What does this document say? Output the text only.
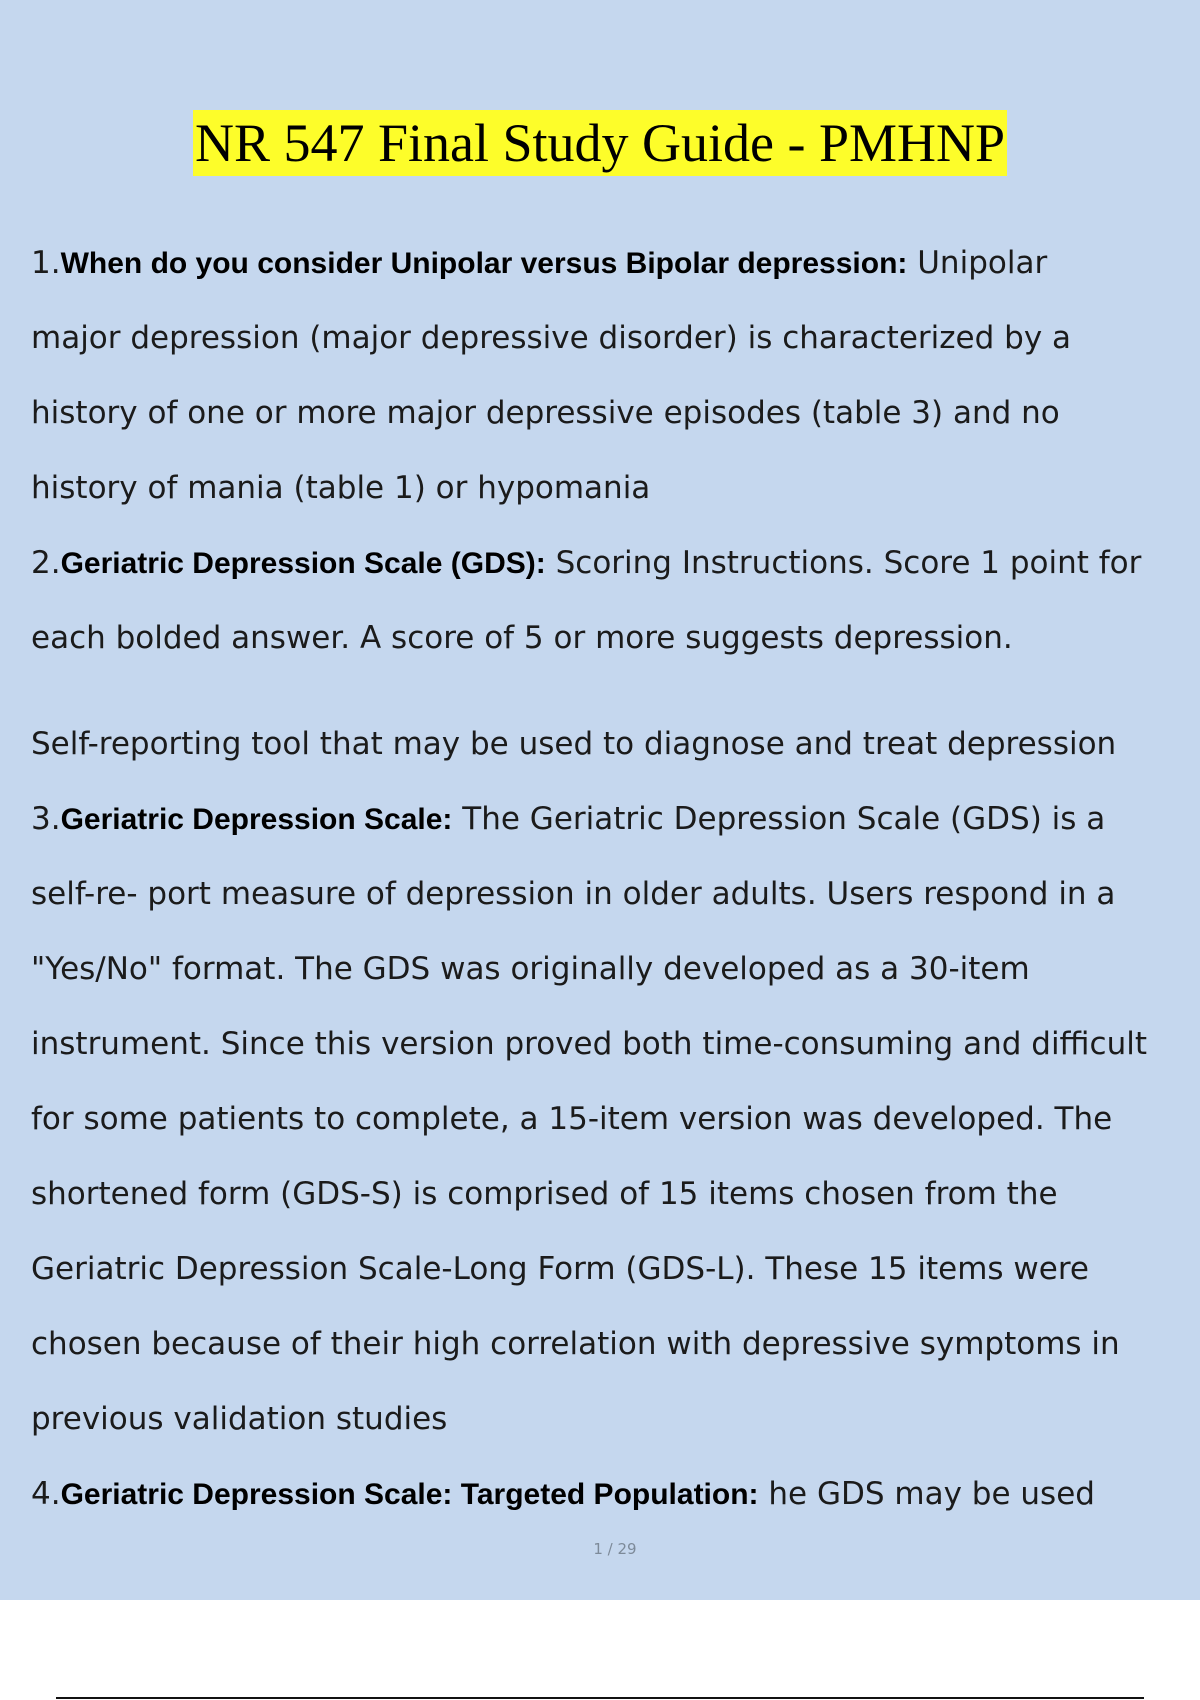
NR 547 Final Study Guide - PMHNP
1.When do you consider Unipolar versus Bipolar depression: Unipolar
major depression (major depressive disorder) is characterized by a
history of one or more major depressive episodes (table 3) and no
history of mania (table 1) or hypomania
2.Geriatric Depression Scale (GDS): Scoring Instructions. Score 1 point for
each bolded answer. A score of 5 or more suggests depression.
Self-reporting tool that may be used to diagnose and treat depression
3.Geriatric Depression Scale: The Geriatric Depression Scale (GDS) is a
self-re- port measure of depression in older adults. Users respond in a
"Yes/No" format. The GDS was originally developed as a 30-item
instrument. Since this version proved both time-consuming and difficult
for some patients to complete, a 15-item version was developed. The
shortened form (GDS-S) is comprised of 15 items chosen from the
Geriatric Depression Scale-Long Form (GDS-L). These 15 items were
chosen because of their high correlation with depressive symptoms in
previous validation studies
4.Geriatric Depression Scale: Targeted Population: he GDS may be used
1 / 29
